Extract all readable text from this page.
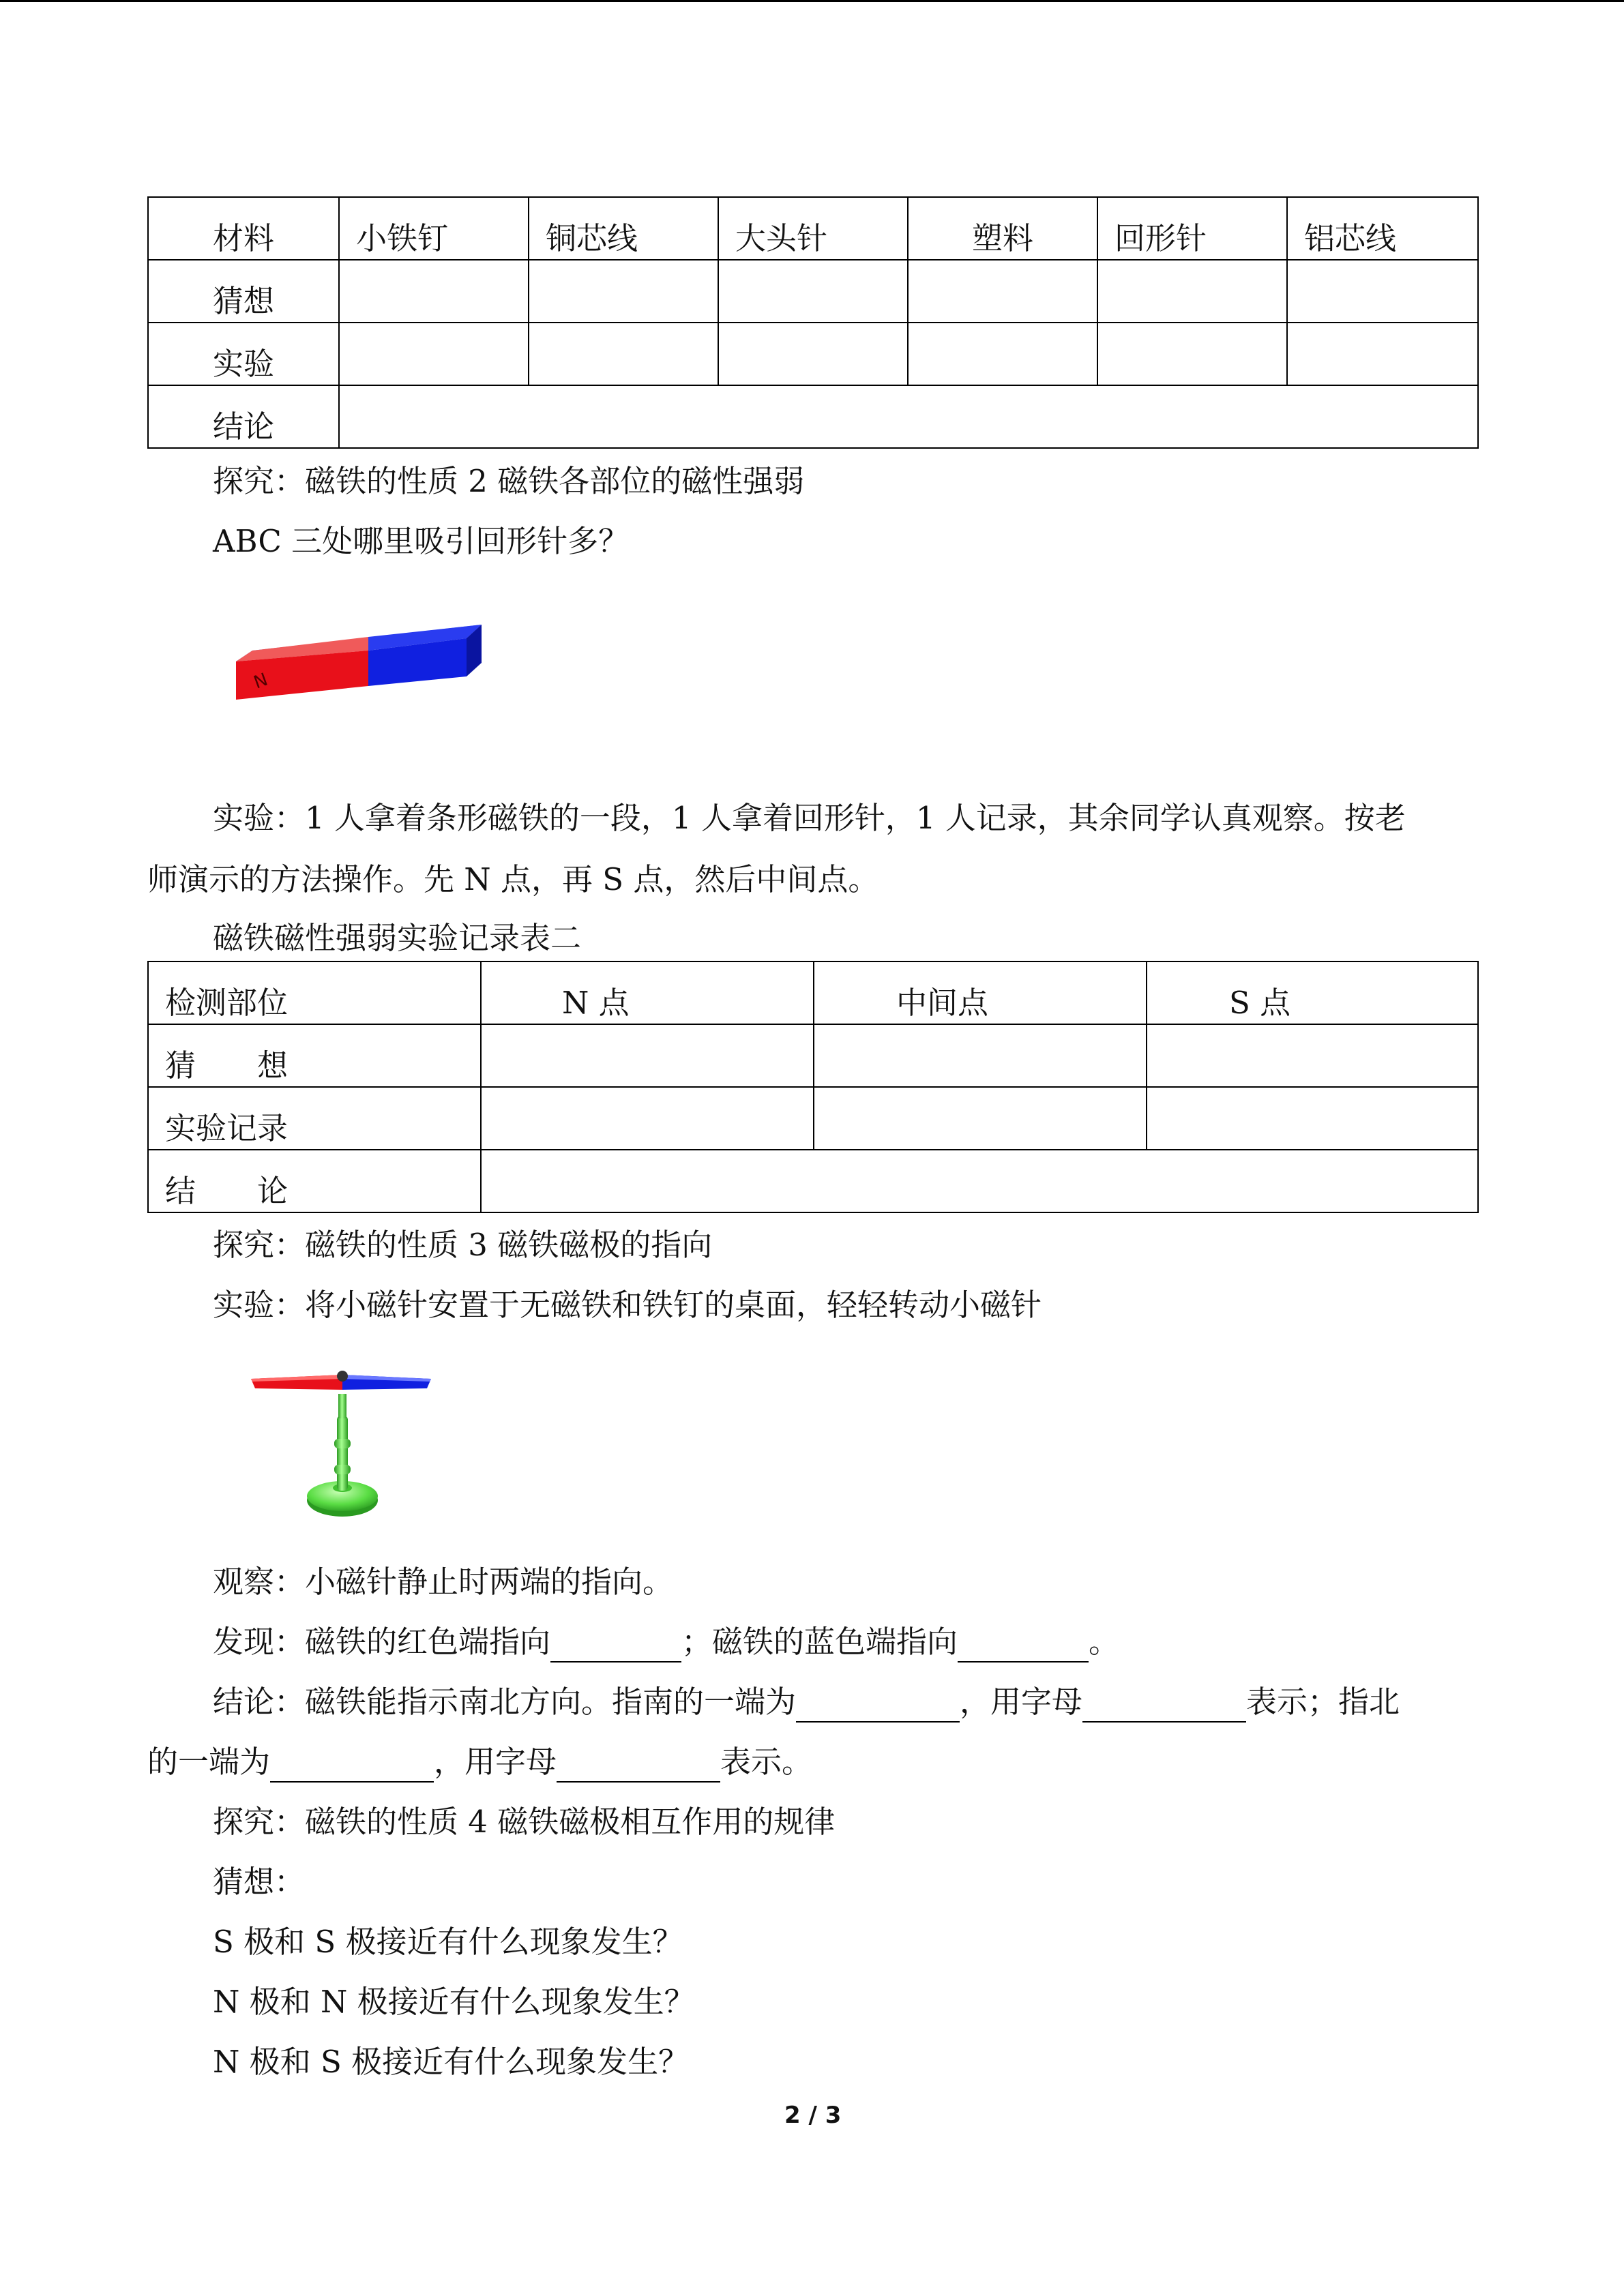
材料	小铁钉	铜芯线	大头针	塑料	回形针	铝芯线
猜想						
实验						
结论						
探究：磁铁的性质 2 磁铁各部位的磁性强弱
ABC 三处哪里吸引回形针多？
N
实验：1 人拿着条形磁铁的一段，1 人拿着回形针，1 人记录，其余同学认真观察。按老
师演示的方法操作。先 N 点，再 S 点，然后中间点。
磁铁磁性强弱实验记录表二
检测部位	N 点	中间点	S 点
猜　　想			
实验记录			
结　　论			
探究：磁铁的性质 3 磁铁磁极的指向
实验：将小磁针安置于无磁铁和铁钉的桌面，轻轻转动小磁针
观察：小磁针静止时两端的指向。
发现：磁铁的红色端指向	；磁铁的蓝色端指向	。
结论：磁铁能指示南北方向。指南的一端为	，用字母	表示；指北
的一端为	，用字母	表示。
探究：磁铁的性质 4 磁铁磁极相互作用的规律
猜想：
S 极和 S 极接近有什么现象发生？
N 极和 N 极接近有什么现象发生？
N 极和 S 极接近有什么现象发生？
2 / 3
